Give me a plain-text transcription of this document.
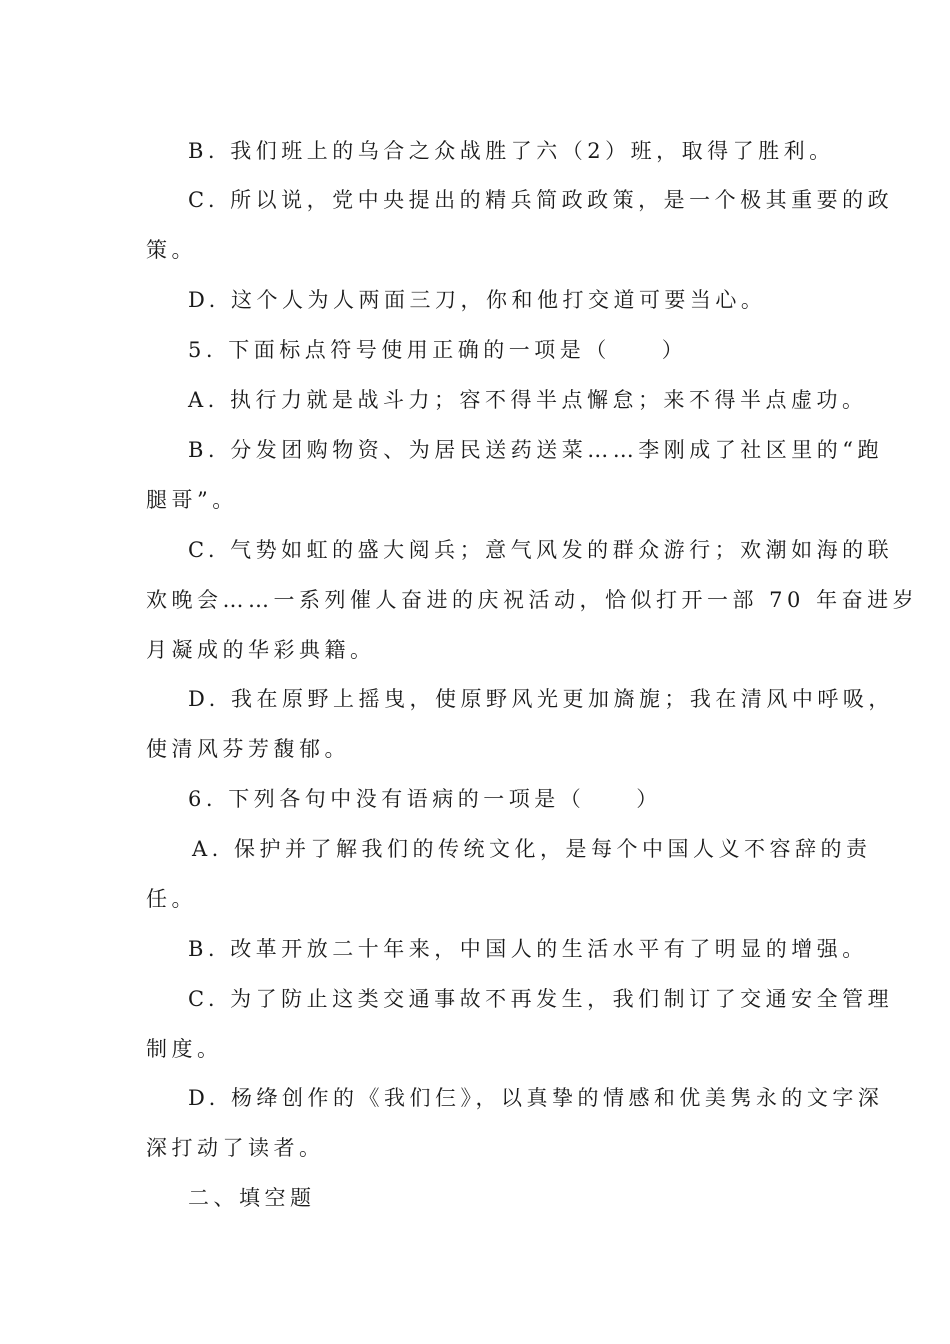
B. 我们班上的乌合之众战胜了六（2）班，取得了胜利。
C. 所以说，党中央提出的精兵简政政策，是一个极其重要的政
策。
D. 这个人为人两面三刀，你和他打交道可要当心。
5. 下面标点符号使用正确的一项是（　　）
A. 执行力就是战斗力；容不得半点懈怠；来不得半点虚功。
B. 分发团购物资、为居民送药送菜……李刚成了社区里的“跑
腿哥”。
C. 气势如虹的盛大阅兵；意气风发的群众游行；欢潮如海的联
欢晚会……一系列催人奋进的庆祝活动，恰似打开一部 70 年奋进岁
月凝成的华彩典籍。
D. 我在原野上摇曳，使原野风光更加旖旎；我在清风中呼吸，
使清风芬芳馥郁。
6. 下列各句中没有语病的一项是（　　）
A. 保护并了解我们的传统文化，是每个中国人义不容辞的责
任。
B. 改革开放二十年来，中国人的生活水平有了明显的增强。
C. 为了防止这类交通事故不再发生，我们制订了交通安全管理
制度。
D. 杨绛创作的《我们仨》，以真挚的情感和优美隽永的文字深
深打动了读者。
二、填空题
